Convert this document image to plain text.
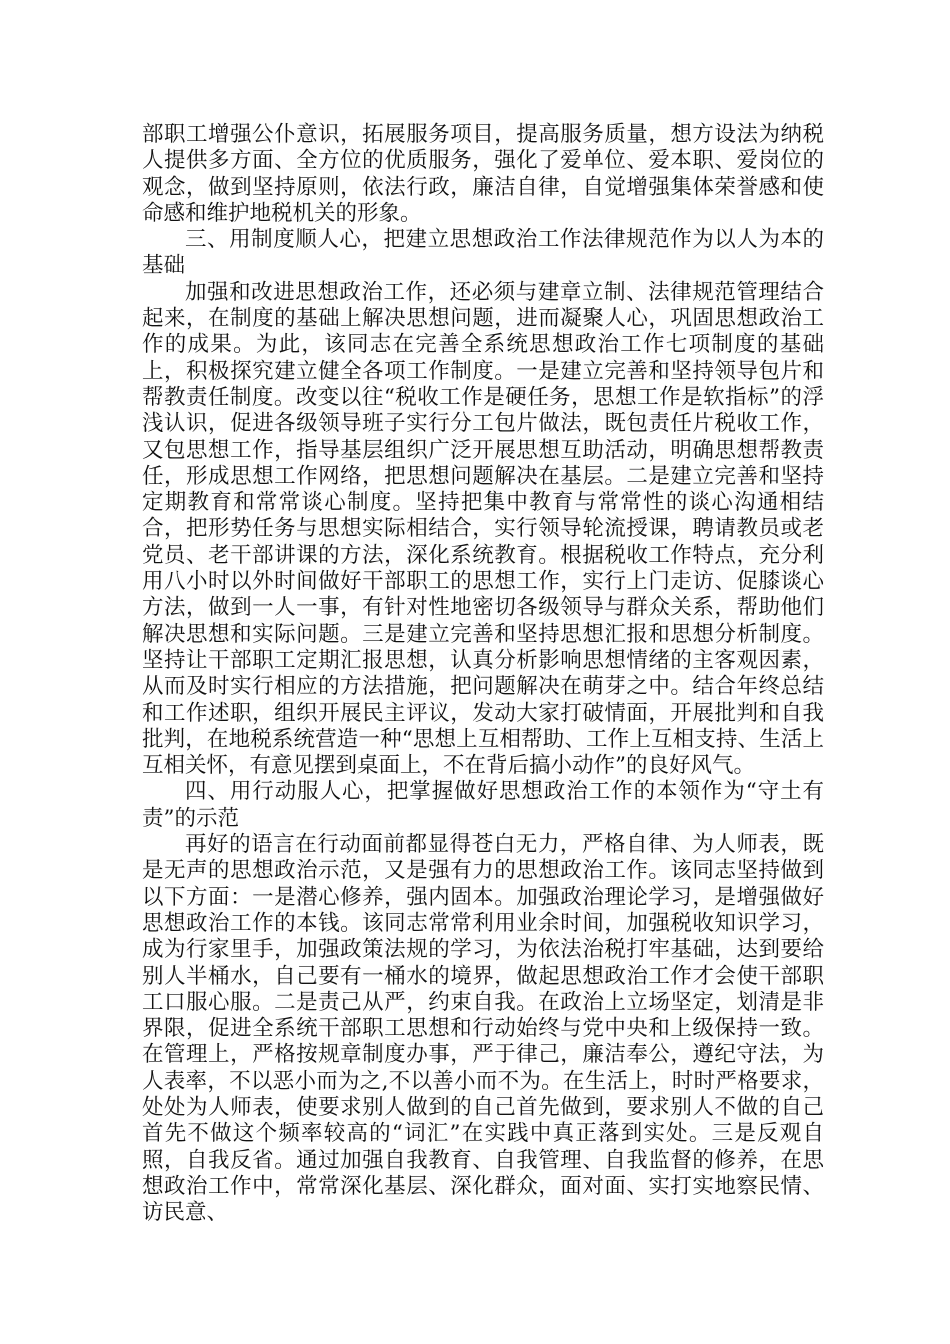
部职工增强公仆意识，拓展服务项目，提高服务质量，想方设法为纳税人提供多方面、全方位的优质服务，强化了爱单位、爱本职、爱岗位的观念，做到坚持原则，依法行政，廉洁自律，自觉增强集体荣誉感和使命感和维护地税机关的形象。

三、用制度顺人心，把建立思想政治工作法律规范作为以人为本的基础

加强和改进思想政治工作，还必须与建章立制、法律规范管理结合起来，在制度的基础上解决思想问题，进而凝聚人心，巩固思想政治工作的成果。为此，该同志在完善全系统思想政治工作七项制度的基础上，积极探究建立健全各项工作制度。一是建立完善和坚持领导包片和帮教责任制度。改变以往“税收工作是硬任务，思想工作是软指标”的浮浅认识，促进各级领导班子实行分工包片做法，既包责任片税收工作，又包思想工作，指导基层组织广泛开展思想互助活动，明确思想帮教责任，形成思想工作网络，把思想问题解决在基层。二是建立完善和坚持定期教育和常常谈心制度。坚持把集中教育与常常性的谈心沟通相结合，把形势任务与思想实际相结合，实行领导轮流授课，聘请教员或老党员、老干部讲课的方法，深化系统教育。根据税收工作特点，充分利用八小时以外时间做好干部职工的思想工作，实行上门走访、促膝谈心方法，做到一人一事，有针对性地密切各级领导与群众关系，帮助他们解决思想和实际问题。三是建立完善和坚持思想汇报和思想分析制度。坚持让干部职工定期汇报思想，认真分析影响思想情绪的主客观因素，从而及时实行相应的方法措施，把问题解决在萌芽之中。结合年终总结和工作述职，组织开展民主评议，发动大家打破情面，开展批判和自我批判，在地税系统营造一种“思想上互相帮助、工作上互相支持、生活上互相关怀，有意见摆到桌面上，不在背后搞小动作”的良好风气。

四、用行动服人心，把掌握做好思想政治工作的本领作为“守土有责”的示范

再好的语言在行动面前都显得苍白无力，严格自律、为人师表，既是无声的思想政治示范，又是强有力的思想政治工作。该同志坚持做到以下方面：一是潜心修养，强内固本。加强政治理论学习，是增强做好思想政治工作的本钱。该同志常常利用业余时间，加强税收知识学习，成为行家里手，加强政策法规的学习，为依法治税打牢基础，达到要给别人半桶水，自己要有一桶水的境界，做起思想政治工作才会使干部职工口服心服。二是责己从严，约束自我。在政治上立场坚定，划清是非界限，促进全系统干部职工思想和行动始终与党中央和上级保持一致。在管理上，严格按规章制度办事，严于律己，廉洁奉公，遵纪守法，为人表率，不以恶小而为之,不以善小而不为。在生活上，时时严格要求，处处为人师表，使要求别人做到的自己首先做到，要求别人不做的自己首先不做这个频率较高的“词汇”在实践中真正落到实处。三是反观自照，自我反省。通过加强自我教育、自我管理、自我监督的修养，在思想政治工作中，常常深化基层、深化群众，面对面、实打实地察民情、访民意、
